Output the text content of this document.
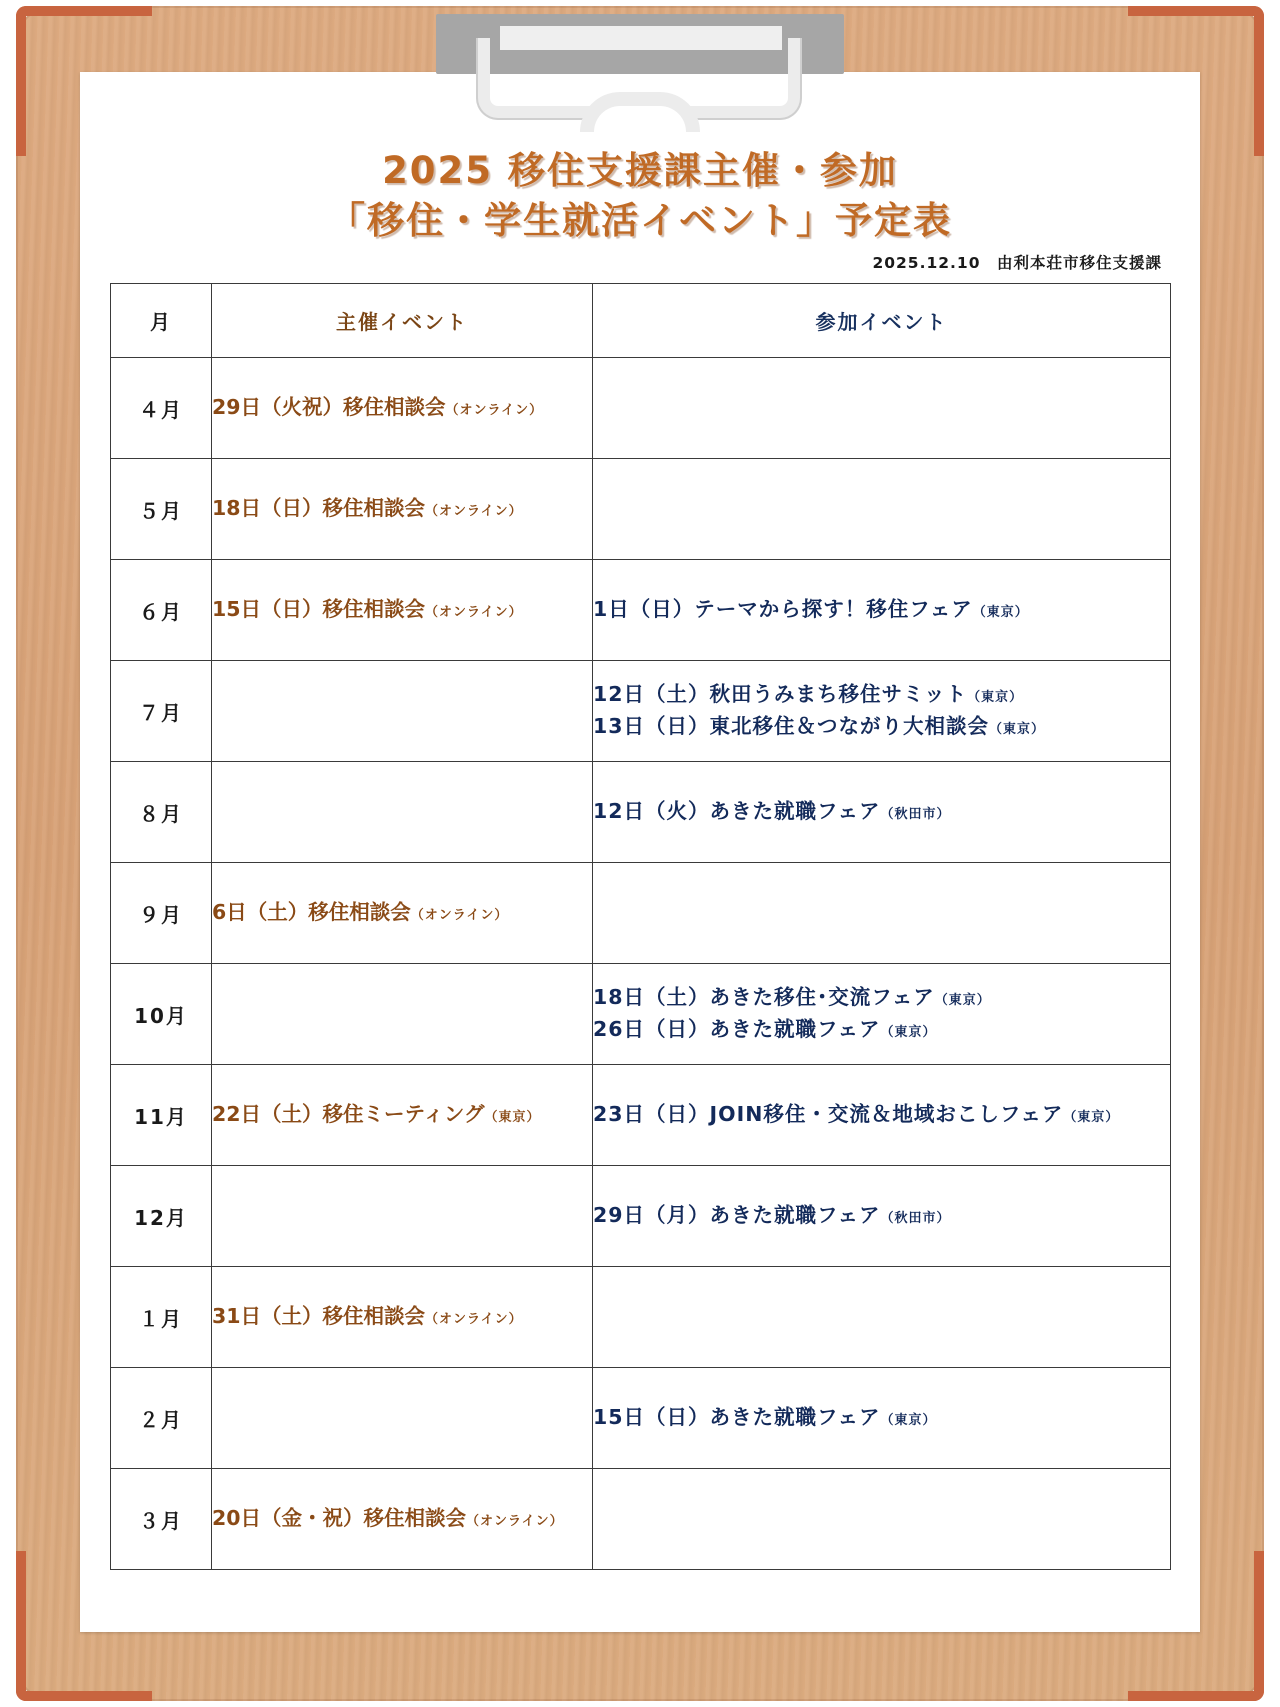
2025 移住支援課主催・参加
「移住・学生就活イベント」予定表
2025.12.10　由利本荘市移住支援課
月	主催イベント	参加イベント
４月	29日（火祝）移住相談会（オンライン）	
５月	18日（日）移住相談会（オンライン）	
６月	15日（日）移住相談会（オンライン）	1日（日）テーマから探す！移住フェア（東京）

７月		12日（土）秋田うみまち移住サミット（東京）
13日（日）東北移住＆つながり大相談会（東京）

８月		12日（火）あきた就職フェア（秋田市）

９月	6日（土）移住相談会（オンライン）	
10月		18日（土）あきた移住･交流フェア（東京）
26日（日）あきた就職フェア（東京）

11月	22日（土）移住ミーティング（東京）	23日（日）JOIN移住・交流＆地域おこしフェア（東京）

12月		29日（月）あきた就職フェア（秋田市）

１月	31日（土）移住相談会（オンライン）	
２月		15日（日）あきた就職フェア（東京）

３月	20日（金・祝）移住相談会（オンライン）	
